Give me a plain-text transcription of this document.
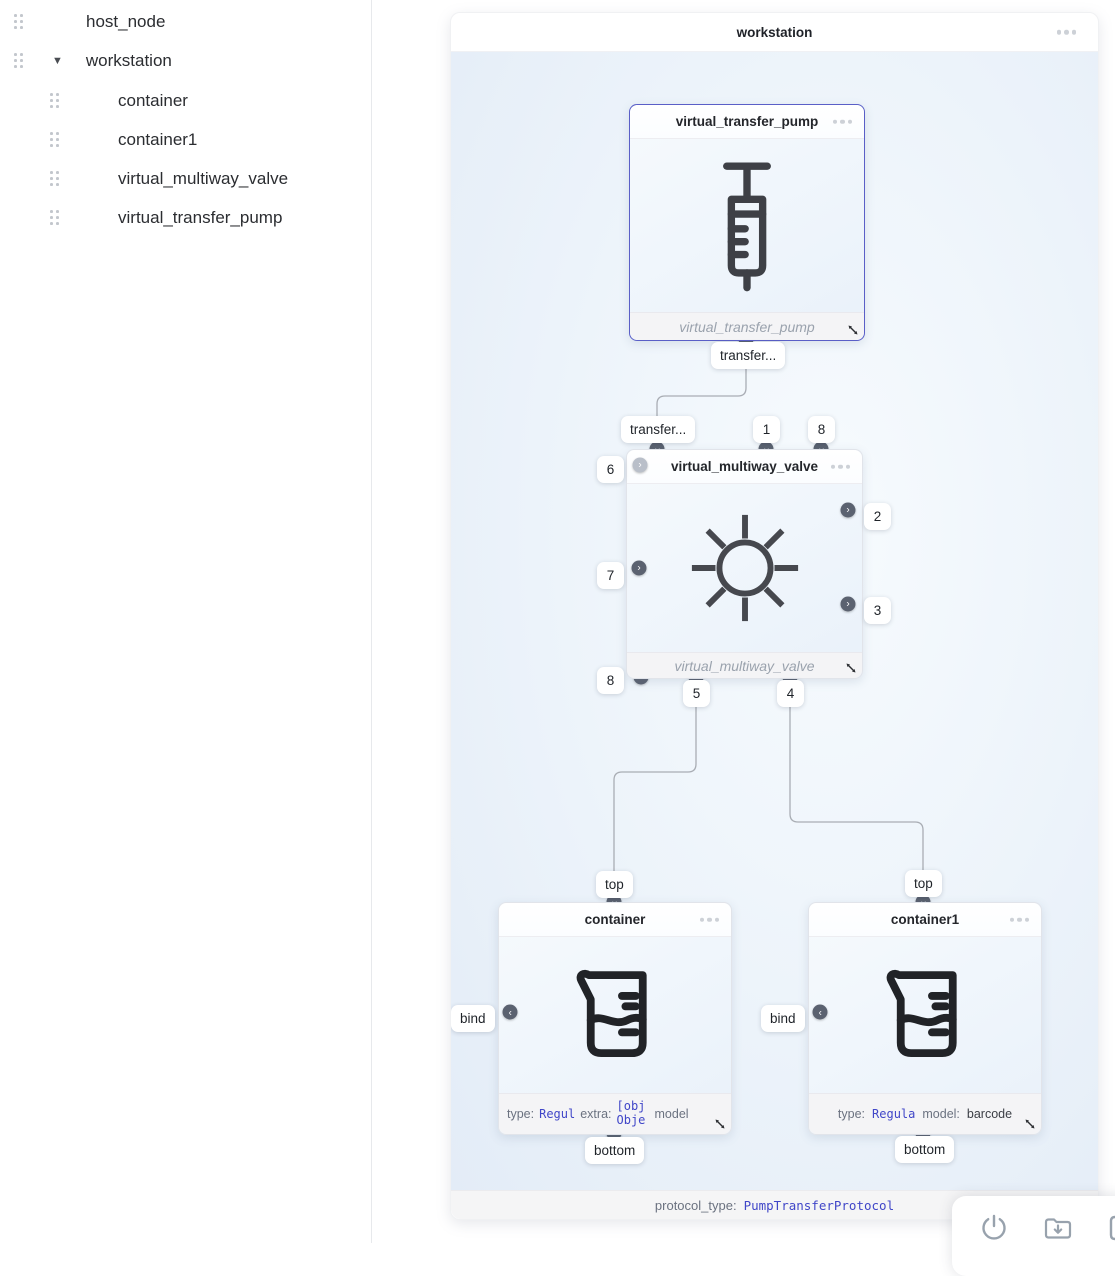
host_node
▼ workstation
container
container1
virtual_multiway_valve
virtual_transfer_pump
workstation
virtual_transfer_pump
virtual_transfer_pump
transfer...
virtual_multiway_valve
virtual_multiway_valve
›
›
›
›
transfer...	1	8
6
7
8
2
3
5	4
container
type: Regul extra:
[obj Obje model
›
bind
top
bottom
container1
type: Regula model: barcode
›
bind
top
bottom
protocol_type: PumpTransferProtocol
